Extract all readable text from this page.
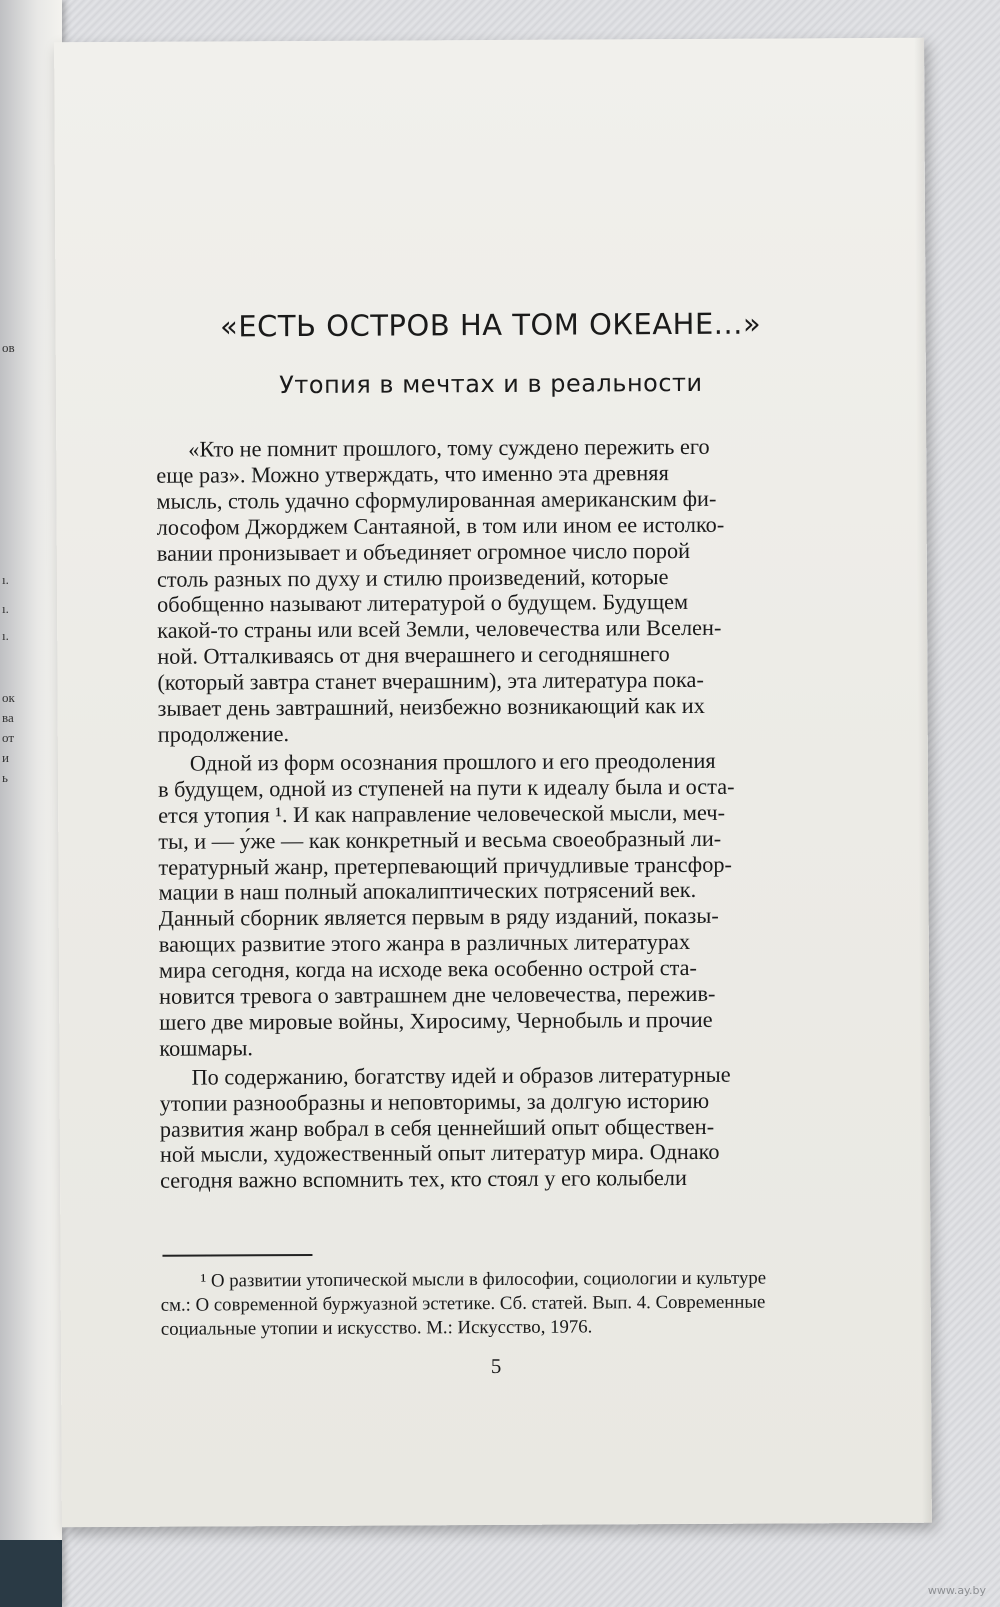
ов
ı.
ı.
ı.
ок
ва
от
и
ь
«ЕСТЬ ОСТРОВ НА ТОМ ОКЕАНЕ...»
Утопия в мечтах и в реальности
«Кто не помнит прошлого, тому суждено пережить его
еще раз». Можно утверждать, что именно эта древняя
мысль, столь удачно сформулированная американским фи-
лософом Джорджем Сантаяной, в том или ином ее истолко-
вании пронизывает и объединяет огромное число порой
столь разных по духу и стилю произведений, которые
обобщенно называют литературой о будущем. Будущем
какой-то страны или всей Земли, человечества или Вселен-
ной. Отталкиваясь от дня вчерашнего и сегодняшнего
(который завтра станет вчерашним), эта литература пока-
зывает день завтрашний, неизбежно возникающий как их
продолжение.
Одной из форм осознания прошлого и его преодоления
в будущем, одной из ступеней на пути к идеалу была и оста-
ется утопия ¹. И как направление человеческой мысли, меч-
ты, и — у́же — как конкретный и весьма своеобразный ли-
тературный жанр, претерпевающий причудливые трансфор-
мации в наш полный апокалиптических потрясений век.
Данный сборник является первым в ряду изданий, показы-
вающих развитие этого жанра в различных литературах
мира сегодня, когда на исходе века особенно острой ста-
новится тревога о завтрашнем дне человечества, пережив-
шего две мировые войны, Хиросиму, Чернобыль и прочие
кошмары.
По содержанию, богатству идей и образов литературные
утопии разнообразны и неповторимы, за долгую историю
развития жанр вобрал в себя ценнейший опыт обществен-
ной мысли, художественный опыт литератур мира. Однако
сегодня важно вспомнить тех, кто стоял у его колыбели
¹ О развитии утопической мысли в философии, социологии и культуре
см.: О современной буржуазной эстетике. Сб. статей. Вып. 4. Современные
социальные утопии и искусство. М.: Искусство, 1976.
5
www.ay.by
